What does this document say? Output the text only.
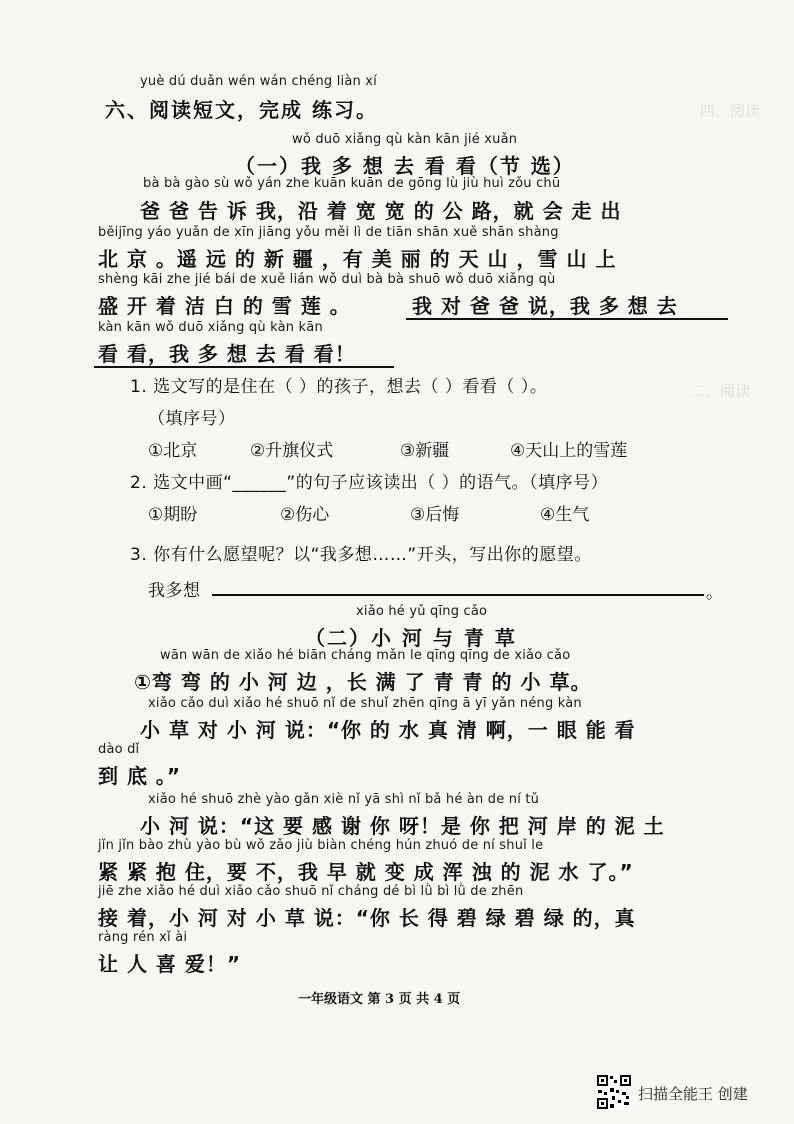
四、阅读
二、阅读
yuè dú duǎn wén wán chéng liàn xí
六、阅读短文，完成 练习。
wǒ duō xiǎng qù kàn kān jié xuǎn
（一）我 多 想 去 看 看（节 选）
bà bà gào sù wǒ yán zhe kuān kuān de gōng lù jiù huì zǒu chū
爸 爸 告 诉 我，沿 着 宽 宽 的 公 路，就 会 走 出
běijīng yáo yuǎn de xīn jiāng yǒu měi lì de tiān shān xuě shān shàng
北 京 。遥 远 的 新 疆 ，有 美 丽 的 天 山 ，雪 山 上
shèng kāi zhe jié bái de xuě lián wǒ duì bà bà shuō wǒ duō xiǎng qù
盛 开 着 洁 白 的 雪 莲 。	我 对 爸 爸 说，我 多 想 去
kàn kān wǒ duō xiǎng qù kàn kān
看 看，我 多 想 去 看 看！
1. 选文写的是住在（ ）的孩子，想去（ ）看看（ ）。
（填序号）
①北京	②升旗仪式	③新疆	④天山上的雪莲
2. 选文中画“______”的句子应该读出（ ）的语气。（填序号）
①期盼	②伤心	③后悔	④生气
3. 你有什么愿望呢？以“我多想……”开头，写出你的愿望。
我多想	。
xiǎo hé yǔ qīng cǎo
（二）小 河 与 青 草
wān wān de xiǎo hé biān cháng mǎn le qīng qīng de xiǎo cǎo
①弯 弯 的 小 河 边 ，长 满 了 青 青 的 小 草。
xiǎo cǎo duì xiǎo hé shuō nǐ de shuǐ zhēn qīng ā yī yǎn néng kàn
小 草 对 小 河 说：“你 的 水 真 清 啊，一 眼 能 看
dào dǐ
到 底 。”
xiǎo hé shuō zhè yào gǎn xiè nǐ yā shì nǐ bǎ hé àn de ní tǔ
小 河 说：“这 要 感 谢 你 呀！是 你 把 河 岸 的 泥 土
jǐn jǐn bào zhù yào bù wǒ zǎo jiù biàn chéng hún zhuó de ní shuǐ le
紧 紧 抱 住，要 不，我 早 就 变 成 浑 浊 的 泥 水 了。”
jiē zhe xiǎo hé duì xiǎo cǎo shuō nǐ cháng dé bì lǜ bì lǜ de zhēn
接 着，小 河 对 小 草 说：“你 长 得 碧 绿 碧 绿 的，真
ràng rén xǐ ài
让 人 喜 爱！”
一年级语文 第 3 页 共 4 页
扫描全能王 创建
